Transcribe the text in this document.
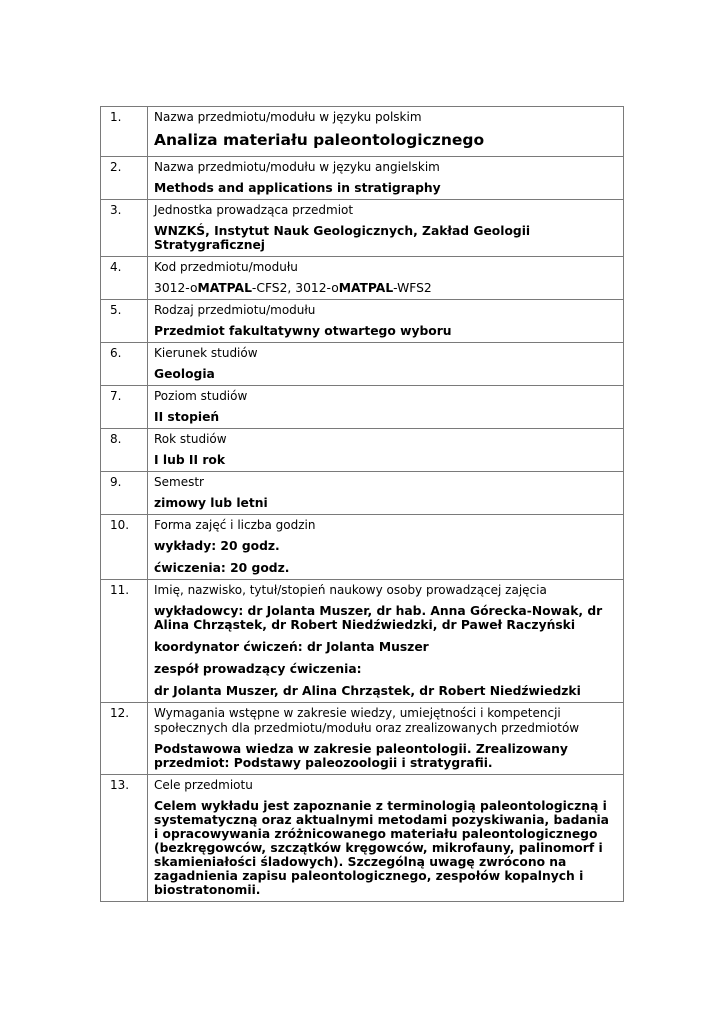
1.	Nazwa przedmiotu/modułu w języku polskim
Analiza materiału paleontologicznego

2.	Nazwa przedmiotu/modułu w języku angielskim
Methods and applications in stratigraphy

3.	Jednostka prowadząca przedmiot
WNZKŚ, Instytut Nauk Geologicznych, Zakład Geologii Stratygraficznej

4.	Kod przedmiotu/modułu
3012-oMATPAL-CFS2, 3012-oMATPAL-WFS2

5.	Rodzaj przedmiotu/modułu
Przedmiot fakultatywny otwartego wyboru

6.	Kierunek studiów
Geologia

7.	Poziom studiów
II stopień

8.	Rok studiów
I lub II rok

9.	Semestr
zimowy lub letni

10.	Forma zajęć i liczba godzin
wykłady: 20 godz.
ćwiczenia: 20 godz.

11.	Imię, nazwisko, tytuł/stopień naukowy osoby prowadzącej zajęcia
wykładowcy: dr Jolanta Muszer, dr hab. Anna Górecka-Nowak, dr Alina Chrząstek, dr Robert Niedźwiedzki, dr Paweł Raczyński
koordynator ćwiczeń: dr Jolanta Muszer
zespół prowadzący ćwiczenia:
dr Jolanta Muszer, dr Alina Chrząstek, dr Robert Niedźwiedzki

12.	Wymagania wstępne w zakresie wiedzy, umiejętności i kompetencji społecznych dla przedmiotu/modułu oraz zrealizowanych przedmiotów
Podstawowa wiedza w zakresie paleontologii. Zrealizowany przedmiot: Podstawy paleozoologii i stratygrafii.

13.	Cele przedmiotu
Celem wykładu jest zapoznanie z terminologią paleontologiczną i systematyczną oraz aktualnymi metodami pozyskiwania, badania i opracowywania zróżnicowanego materiału paleontologicznego (bezkręgowców, szczątków kręgowców, mikrofauny, palinomorf i skamieniałości śladowych). Szczególną uwagę zwrócono na zagadnienia zapisu paleontologicznego, zespołów kopalnych i biostratonomii.
